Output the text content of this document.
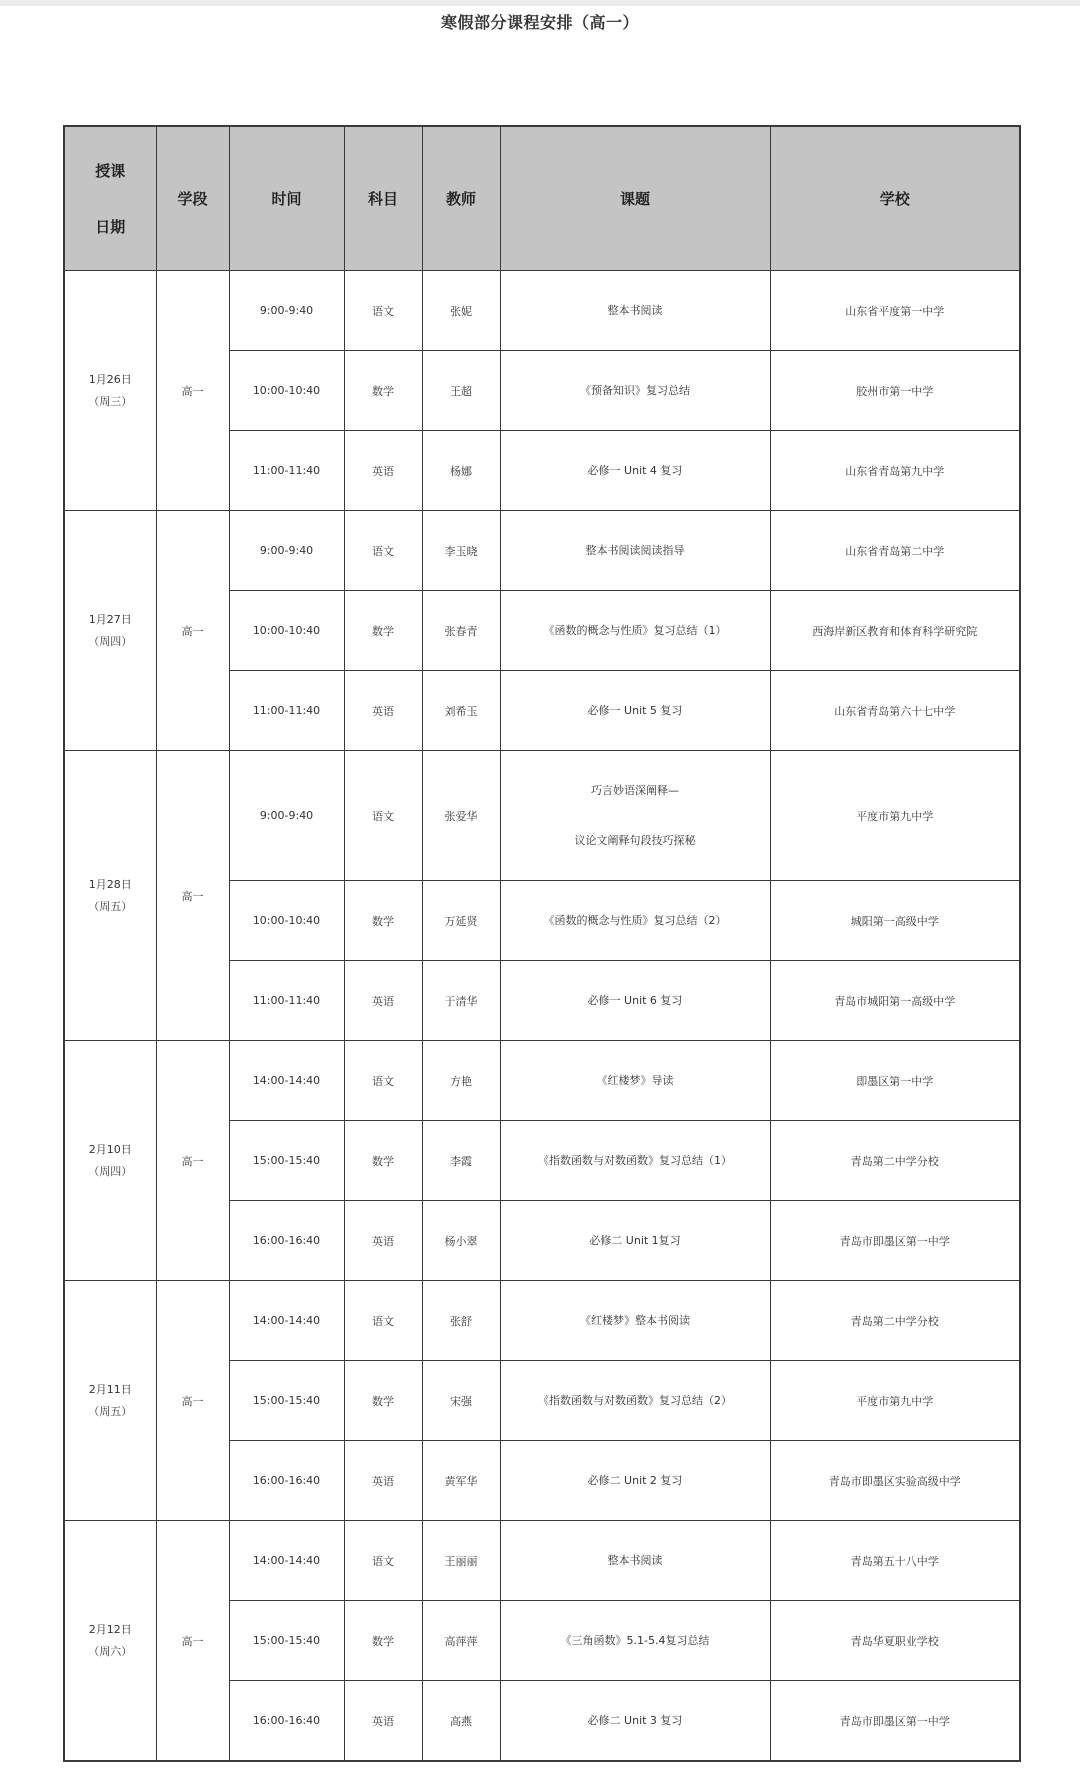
寒假部分课程安排（高一）
授课
日期	学段	时间	科目	教师	课题	学校

1月26日
（周三）	高一	9:00-9:40	语文	张妮	整本书阅读	山东省平度第一中学
		10:00-10:40	数学	王超	《预备知识》复习总结	胶州市第一中学
		11:00-11:40	英语	杨娜	必修一 Unit 4 复习	山东省青岛第九中学

1月27日
（周四）	高一	9:00-9:40	语文	李玉晓	整本书阅读阅读指导	山东省青岛第二中学
		10:00-10:40	数学	张春青	《函数的概念与性质》复习总结（1）	西海岸新区教育和体育科学研究院
		11:00-11:40	英语	刘希玉	必修一 Unit 5 复习	山东省青岛第六十七中学

1月28日
（周五）	高一	9:00-9:40	语文	张爱华	巧言妙语深阐释—
议论文阐释句段技巧探秘	平度市第九中学
		10:00-10:40	数学	万延贤	《函数的概念与性质》复习总结（2）	城阳第一高级中学
		11:00-11:40	英语	于清华	必修一 Unit 6 复习	青岛市城阳第一高级中学

2月10日
（周四）	高一	14:00-14:40	语文	方艳	《红楼梦》导读	即墨区第一中学
		15:00-15:40	数学	李霞	《指数函数与对数函数》复习总结（1）	青岛第二中学分校
		16:00-16:40	英语	杨小翠	必修二 Unit 1复习	青岛市即墨区第一中学

2月11日
（周五）	高一	14:00-14:40	语文	张舒	《红楼梦》整本书阅读	青岛第二中学分校
		15:00-15:40	数学	宋强	《指数函数与对数函数》复习总结（2）	平度市第九中学
		16:00-16:40	英语	黄军华	必修二 Unit 2 复习	青岛市即墨区实验高级中学

2月12日
（周六）	高一	14:00-14:40	语文	王丽丽	整本书阅读	青岛第五十八中学
		15:00-15:40	数学	高萍萍	《三角函数》5.1-5.4复习总结	青岛华夏职业学校
		16:00-16:40	英语	高燕	必修二 Unit 3 复习	青岛市即墨区第一中学
